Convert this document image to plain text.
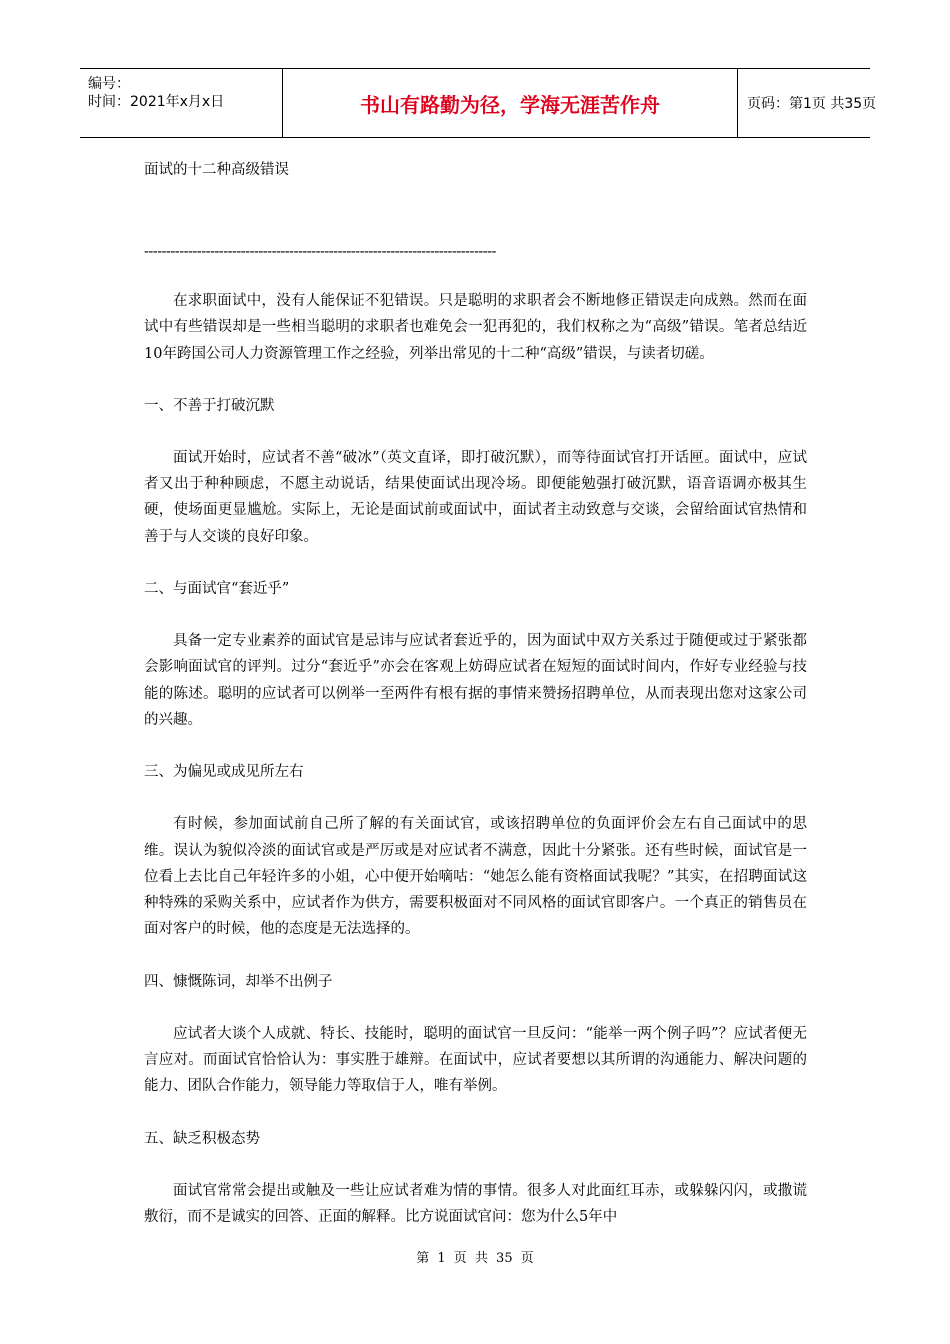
编号：
时间：2021年x月x日	书山有路勤为径，学海无涯苦作舟	页码：第1页 共35页

面试的十二种高级错误

--------------------------------------------------------------------------------

在求职面试中，没有人能保证不犯错误。只是聪明的求职者会不断地修正错误走向成熟。然而在面试中有些错误却是一些相当聪明的求职者也难免会一犯再犯的，我们权称之为“高级”错误。笔者总结近10年跨国公司人力资源管理工作之经验，列举出常见的十二种“高级”错误，与读者切磋。

一、不善于打破沉默

面试开始时，应试者不善“破冰”（英文直译，即打破沉默），而等待面试官打开话匣。面试中，应试者又出于种种顾虑，不愿主动说话，结果使面试出现冷场。即便能勉强打破沉默，语音语调亦极其生硬，使场面更显尴尬。实际上，无论是面试前或面试中，面试者主动致意与交谈，会留给面试官热情和善于与人交谈的良好印象。

二、与面试官“套近乎”

具备一定专业素养的面试官是忌讳与应试者套近乎的，因为面试中双方关系过于随便或过于紧张都会影响面试官的评判。过分“套近乎”亦会在客观上妨碍应试者在短短的面试时间内，作好专业经验与技能的陈述。聪明的应试者可以例举一至两件有根有据的事情来赞扬招聘单位，从而表现出您对这家公司的兴趣。

三、为偏见或成见所左右

有时候，参加面试前自己所了解的有关面试官，或该招聘单位的负面评价会左右自己面试中的思维。误认为貌似冷淡的面试官或是严厉或是对应试者不满意，因此十分紧张。还有些时候，面试官是一位看上去比自己年轻许多的小姐，心中便开始嘀咕：“她怎么能有资格面试我呢？”其实，在招聘面试这种特殊的采购关系中，应试者作为供方，需要积极面对不同风格的面试官即客户。一个真正的销售员在面对客户的时候，他的态度是无法选择的。

四、慷慨陈词，却举不出例子

应试者大谈个人成就、特长、技能时，聪明的面试官一旦反问：“能举一两个例子吗”？应试者便无言应对。而面试官恰恰认为：事实胜于雄辩。在面试中，应试者要想以其所谓的沟通能力、解决问题的能力、团队合作能力，领导能力等取信于人，唯有举例。

五、缺乏积极态势

面试官常常会提出或触及一些让应试者难为情的事情。很多人对此面红耳赤，或躲躲闪闪，或撒谎敷衍，而不是诚实的回答、正面的解释。比方说面试官问：您为什么5年中

第 1 页 共 35 页
